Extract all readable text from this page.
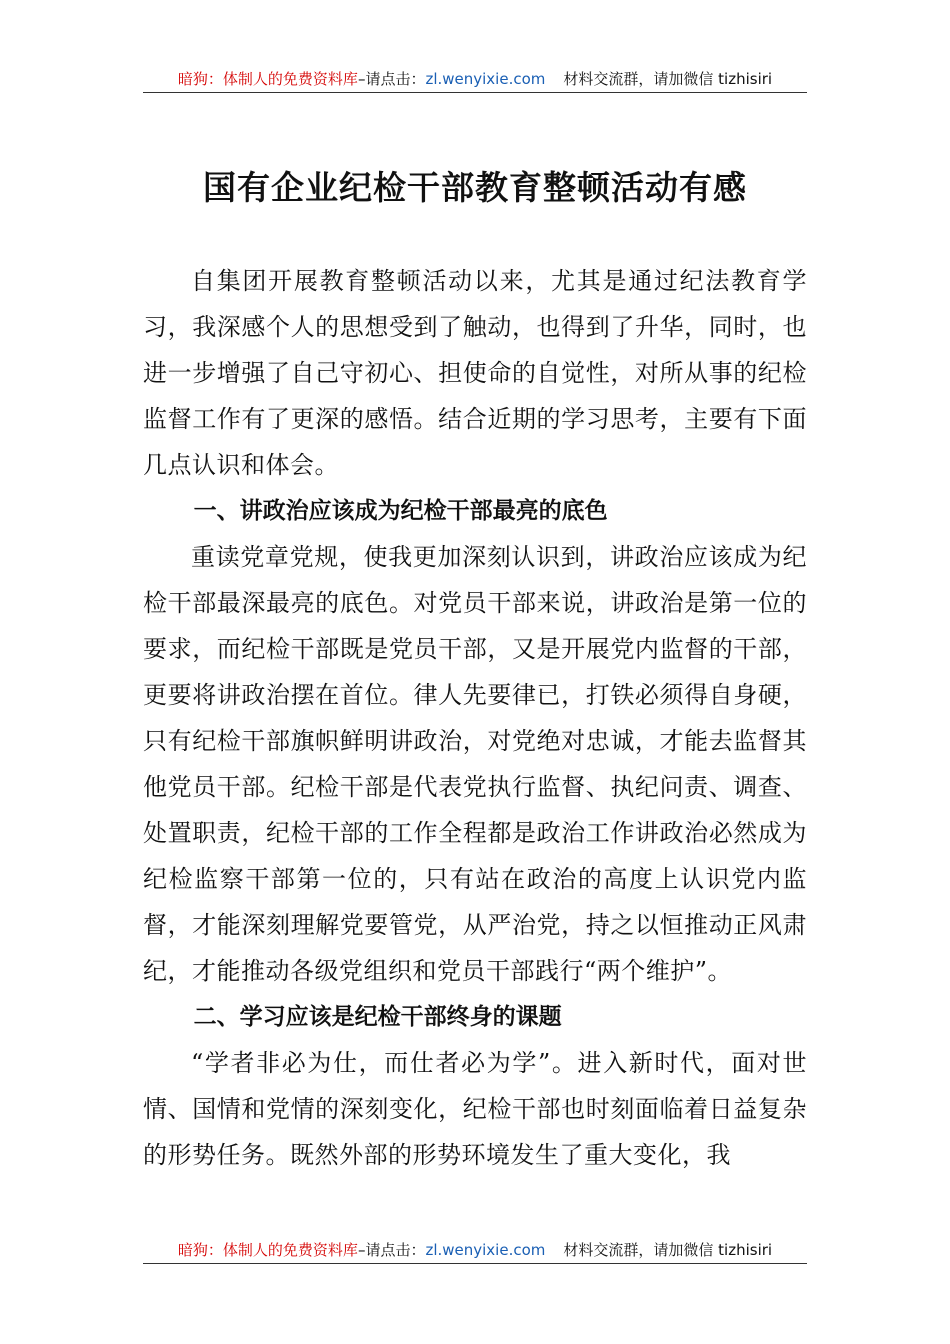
暗狗：体制人的免费资料库 –请点击： zl.wenyixie.com 材料交流群，请加微信 tizhisiri
国有企业纪检干部教育整顿活动有感

自集团开展教育整顿活动以来，尤其是通过纪法教育学习，我深感个人的思想受到了触动，也得到了升华，同时，也进一步增强了自己守初心、担使命的自觉性，对所从事的纪检监督工作有了更深的感悟。结合近期的学习思考，主要有下面几点认识和体会。

一、讲政治应该成为纪检干部最亮的底色

重读党章党规，使我更加深刻认识到，讲政治应该成为纪检干部最深最亮的底色。对党员干部来说，讲政治是第一位的要求，而纪检干部既是党员干部，又是开展党内监督的干部，更要将讲政治摆在首位。律人先要律已，打铁必须得自身硬，只有纪检干部旗帜鲜明讲政治，对党绝对忠诚，才能去监督其他党员干部。纪检干部是代表党执行监督、执纪问责、调查、处置职责，纪检干部的工作全程都是政治工作讲政治必然成为纪检监察干部第一位的，只有站在政治的高度上认识党内监督，才能深刻理解党要管党，从严治党，持之以恒推动正风肃纪，才能推动各级党组织和党员干部践行“两个维护”。

二、学习应该是纪检干部终身的课题

“学者非必为仕，而仕者必为学”。进入新时代，面对世情、国情和党情的深刻变化，纪检干部也时刻面临着日益复杂的形势任务。既然外部的形势环境发生了重大变化，我

暗狗：体制人的免费资料库 –请点击： zl.wenyixie.com 材料交流群，请加微信 tizhisiri
